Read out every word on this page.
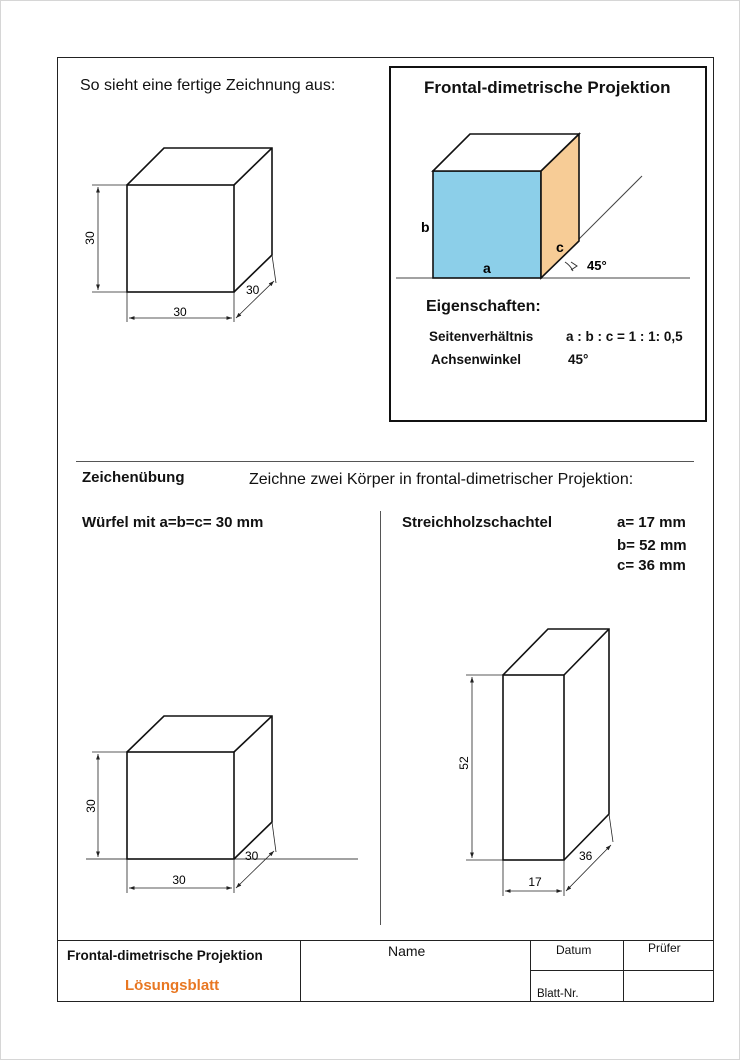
So sieht eine fertige Zeichnung aus:	Frontal-dimetrische Projektion
Eigenschaften:
Seitenverhältnis a : b : c = 1 : 1: 0,5
Achsenwinkel	45°
Zeichenübung	Zeichne zwei Körper in frontal-dimetrischer Projektion:
Würfel mit a=b=c= 30 mm	Streichholzschachtel	a= 17 mm
b= 52 mm
c= 36 mm
30
30
30
a
b
c
45°
30
30
30
52
17
36
Frontal-dimetrische Projektion
Lösungsblatt
Name	Datum	Prüfer
Blatt-Nr.
